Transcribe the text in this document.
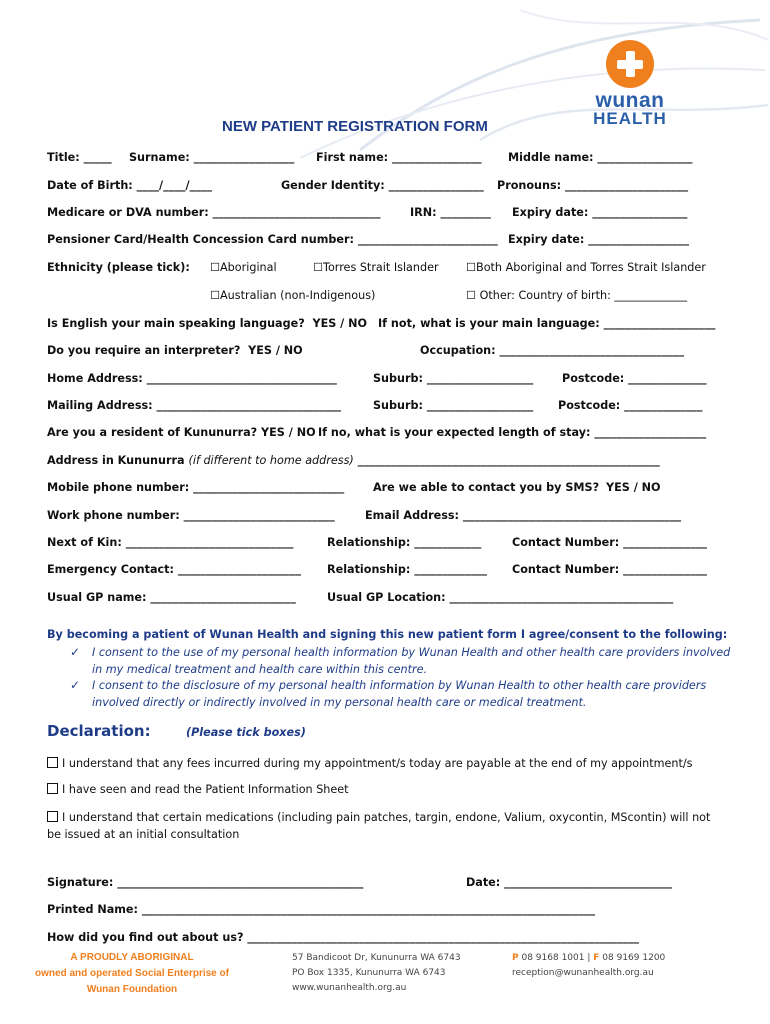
wunan
HEALTH
NEW PATIENT REGISTRATION FORM
Title: _____ Surname: __________________ First name: ________________ Middle name: _________________
Date of Birth: ____/____/____	Gender Identity: _________________ Pronouns: ______________________
Medicare or DVA number: ______________________________	IRN: _________ Expiry date: _________________
Pensioner Card/Health Concession Card number: _________________________ Expiry date: __________________
Ethnicity (please tick): ☐Aboriginal	☐Torres Strait Islander ☐Both Aboriginal and Torres Strait Islander
☐Australian (non-Indigenous)	☐ Other: Country of birth: _____________
Is English your main speaking language?  YES / NO If not, what is your main language: ____________________
Do you require an interpreter?  YES / NO	Occupation: _________________________________
Home Address: __________________________________	Suburb: ___________________	Postcode: ______________
Mailing Address: _________________________________	Suburb: ___________________ Postcode: ______________
Are you a resident of Kununurra? YES / NO If no, what is your expected length of stay: ____________________
Address in Kununurra (if different to home address) ______________________________________________________
Mobile phone number: ___________________________	Are we able to contact you by SMS? YES / NO
Work phone number: ___________________________	Email Address: _______________________________________
Next of Kin: ______________________________	Relationship: ____________	Contact Number: _______________
Emergency Contact: ______________________ Relationship: _____________ Contact Number: _______________
Usual GP name: __________________________	Usual GP Location: ________________________________________
By becoming a patient of Wunan Health and signing this new patient form I agree/consent to the following:
✓ I consent to the use of my personal health information by Wunan Health and other health care providers involved in my medical treatment and health care within this centre.
✓ I consent to the disclosure of my personal health information by Wunan Health to other health care providers involved directly or indirectly involved in my personal health care or medical treatment.
Declaration:	(Please tick boxes)
I understand that any fees incurred during my appointment/s today are payable at the end of my appointment/s
I have seen and read the Patient Information Sheet
I understand that certain medications (including pain patches, targin, endone, Valium, oxycontin, MScontin) will not be issued at an initial consultation
Signature: ____________________________________________	Date: ______________________________
Printed Name: _________________________________________________________________________________
How did you find out about us? ______________________________________________________________________
A PROUDLY ABORIGINAL
owned and operated Social Enterprise of
Wunan Foundation
57 Bandicoot Dr, Kununurra WA 6743
PO Box 1335, Kununurra WA 6743
www.wunanhealth.org.au
P 08 9168 1001 | F 08 9169 1200
reception@wunanhealth.org.au
